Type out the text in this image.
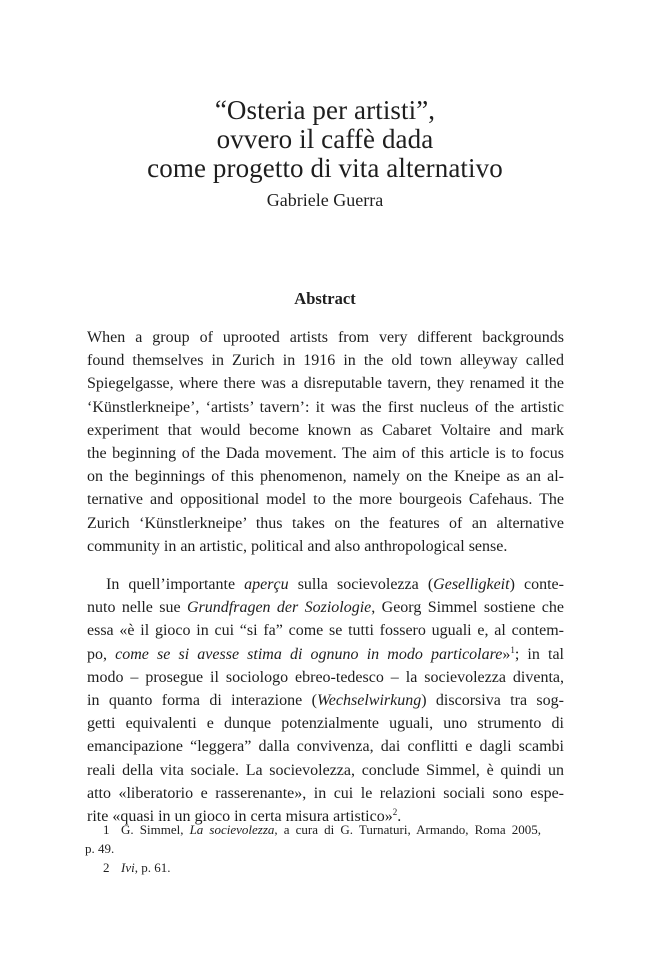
“Osteria per artisti”,
ovvero il caffè dada
come progetto di vita alternativo
Gabriele Guerra
Abstract
When a group of uprooted artists from very different backgrounds
found themselves in Zurich in 1916 in the old town alleyway called
Spiegelgasse, where there was a disreputable tavern, they renamed it the
‘Künstlerkneipe’, ‘artists’ tavern’: it was the first nucleus of the artistic
experiment that would become known as Cabaret Voltaire and mark
the beginning of the Dada movement. The aim of this article is to focus
on the beginnings of this phenomenon, namely on the Kneipe as an al-
ternative and oppositional model to the more bourgeois Cafehaus. The
Zurich ‘Künstlerkneipe’ thus takes on the features of an alternative
community in an artistic, political and also anthropological sense.
In quell’importante aperçu sulla socievolezza (Geselligkeit) conte-
nuto nelle sue Grundfragen der Soziologie, Georg Simmel sostiene che
essa «è il gioco in cui “si fa” come se tutti fossero uguali e, al contem-
po, come se si avesse stima di ognuno in modo particolare»$^1$; in tal
modo – prosegue il sociologo ebreo-tedesco – la socievolezza diventa,
in quanto forma di interazione (Wechselwirkung) discorsiva tra sog-
getti equivalenti e dunque potenzialmente uguali, uno strumento di
emancipazione “leggera” dalla convivenza, dai conflitti e dagli scambi
reali della vita sociale. La socievolezza, conclude Simmel, è quindi un
atto «liberatorio e rasserenante», in cui le relazioni sociali sono espe-
rite «quasi in un gioco in certa misura artistico»$^2$.
1 G. Simmel, La socievolezza, a cura di G. Turnaturi, Armando, Roma 2005,
p. 49.
2 Ivi, p. 61.
